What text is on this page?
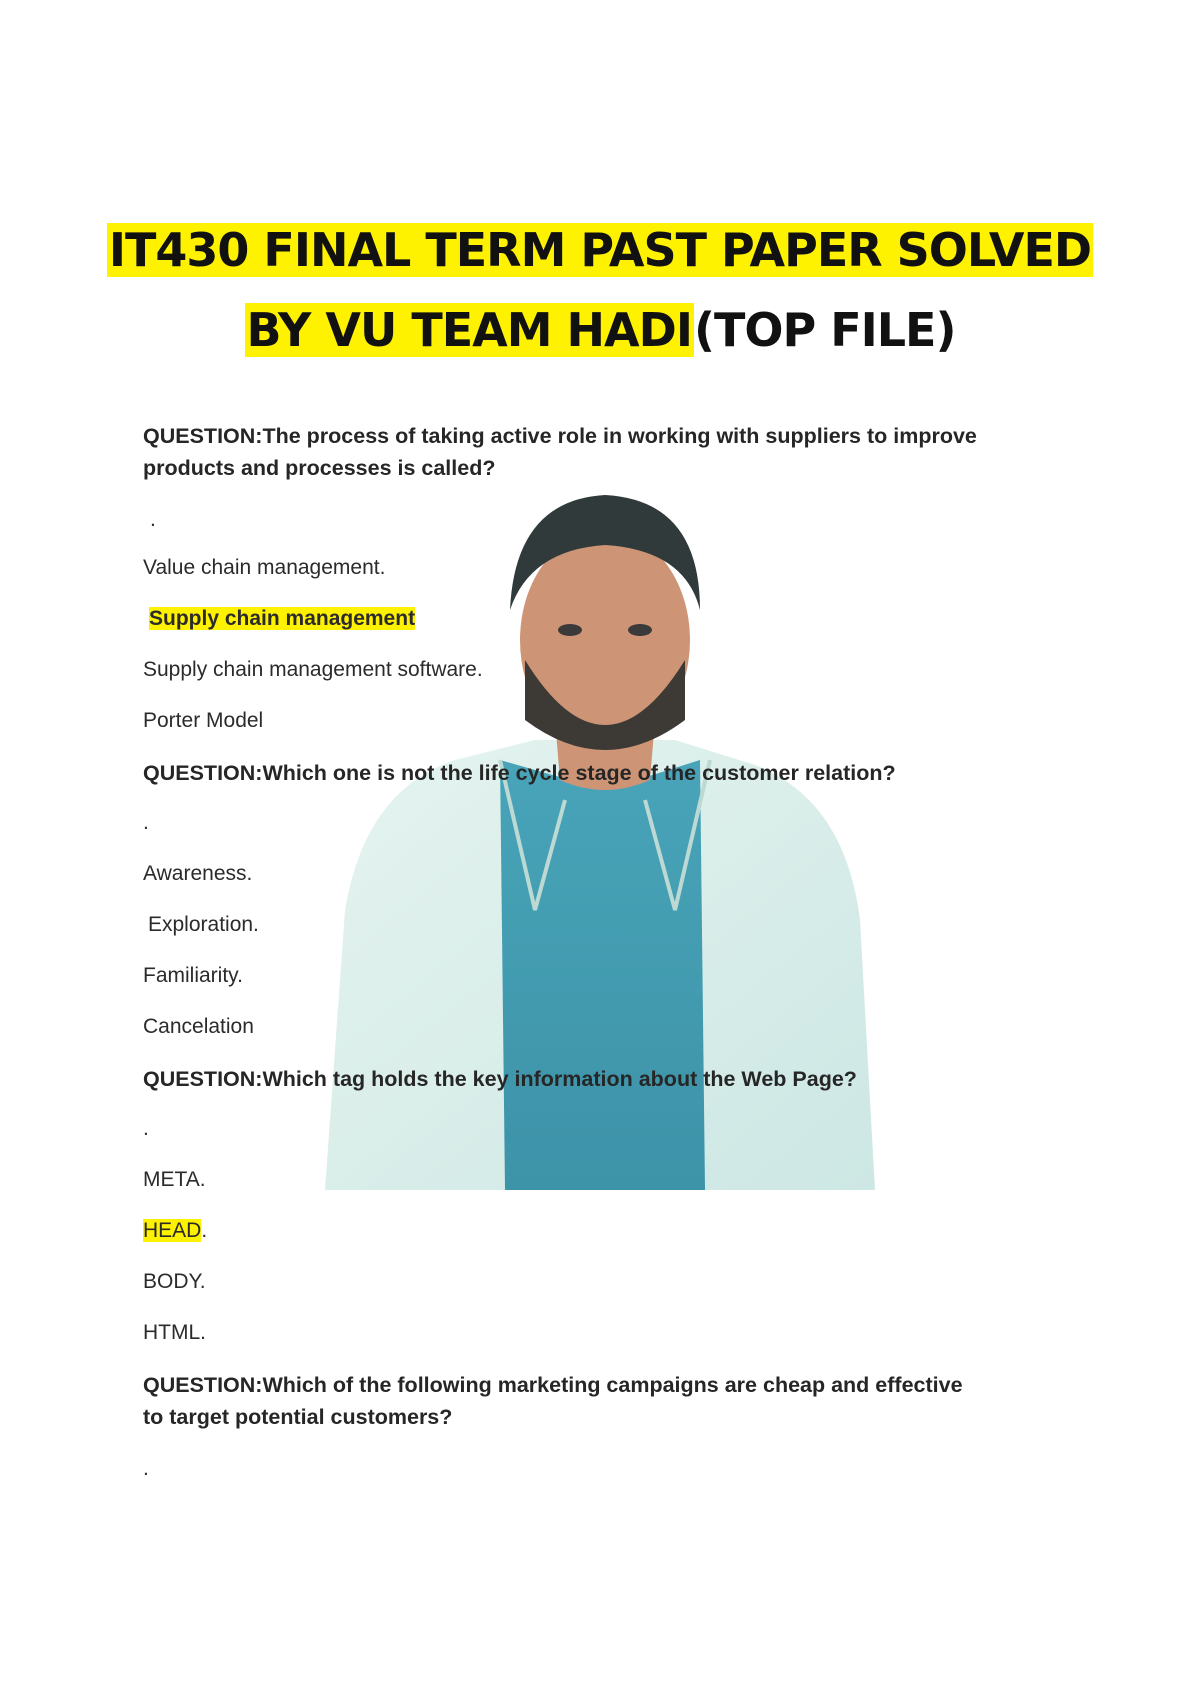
IT430 FINAL TERM PAST PAPER SOLVED
BY VU TEAM HADI(TOP FILE)
QUESTION:The process of taking active role in working with suppliers to improve
products and processes is called?
.
Value chain management.
Supply chain management
Supply chain management software.
Porter Model
QUESTION:Which one is not the life cycle stage of the customer relation?
.
Awareness.
Exploration.
Familiarity.
Cancelation
QUESTION:Which tag holds the key information about the Web Page?
.
META.
HEAD.
BODY.
HTML.
QUESTION:Which of the following marketing campaigns are cheap and effective
to target potential customers?
.
